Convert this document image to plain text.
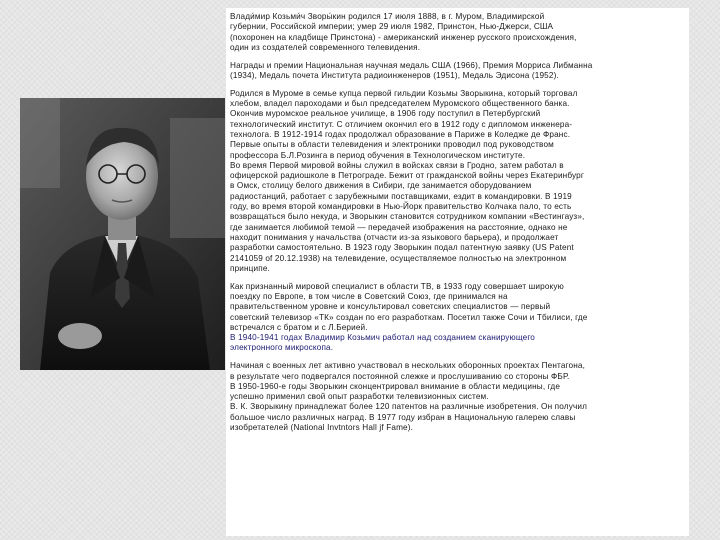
Влади́мир Козьми́ч Зворы́кин родился 17 июля 1888, в г. Муром, Владимирской
губернии, Российской империи; умер 29 июля 1982, Принстон, Нью-Джерси, США
(похоронен на кладбище Принстона) - американский инженер русского происхождения,
один из создателей современного телевидения.

Награды и премии Национальная научная медаль США (1966), Премия Морриса Либманна
(1934), Медаль почета Института радиоинженеров (1951), Медаль Эдисона (1952).

Родился в Муроме в семье купца первой гильдии Козьмы Зворыкина, который торговал
хлебом, владел пароходами и был председателем Муромского общественного банка.
Окончив муромское реальное училище, в 1906 году поступил в Петербургский
технологический институт. С отличием окончил его в 1912 году с дипломом инженера-
технолога. В 1912-1914 годах продолжал образование в Париже в Коледже де Франс.
Первые опыты в области телевидения и электроники проводил под руководством
профессора Б.Л.Розинга в период обучения в Технологическом институте.
Во время Первой мировой войны служил в войсках связи в Гродно, затем работал в
офицерской радиошколе в Петрограде. Бежит от гражданской войны через Екатеринбург
в Омск, столицу белого движения в Сибири, где занимается оборудованием
радиостанций, работает с зарубежными поставщиками, ездит в командировки. В 1919
году, во время второй командировки в Нью-Йорк правительство Колчака пало, то есть
возвращаться было некуда, и Зворыкин становится сотрудником компании «Вестингауз»,
где занимается любимой темой — передачей изображения на расстояние, однако не
находит понимания у начальства (отчасти из-за языкового барьера), и продолжает
разработки самостоятельно. В 1923 году Зворыкин подал патентную заявку (US Patent
2141059 of 20.12.1938) на телевидение, осуществляемое полностью на электронном
принципе.

Как признанный мировой специалист в области ТВ, в 1933 году совершает широкую
поездку по Европе, в том числе в Советский Союз, где принимался на
правительственном уровне и консультировал советских специалистов — первый
советский телевизор «ТК» создан по его разработкам. Посетил также Сочи и Тбилиси, где
встречался с братом и с Л.Берией.
В 1940-1941 годах Владимир Козьмич работал над созданием сканирующего
электронного микроскопа.

Начиная с военных лет активно участвовал в нескольких оборонных проектах Пентагона,
в результате чего подвергался постоянной слежке и прослушиванию со стороны ФБР.
В 1950-1960-е годы Зворыкин сконцентрировал внимание в области медицины, где
успешно применил свой опыт разработки телевизионных систем.
В. К. Зворыкину принадлежат более 120 патентов на различные изобретения. Он получил
большое число различных наград. В 1977 году избран в Национальную галерею славы
изобретателей (National Invtntors Hall jf Fame).
